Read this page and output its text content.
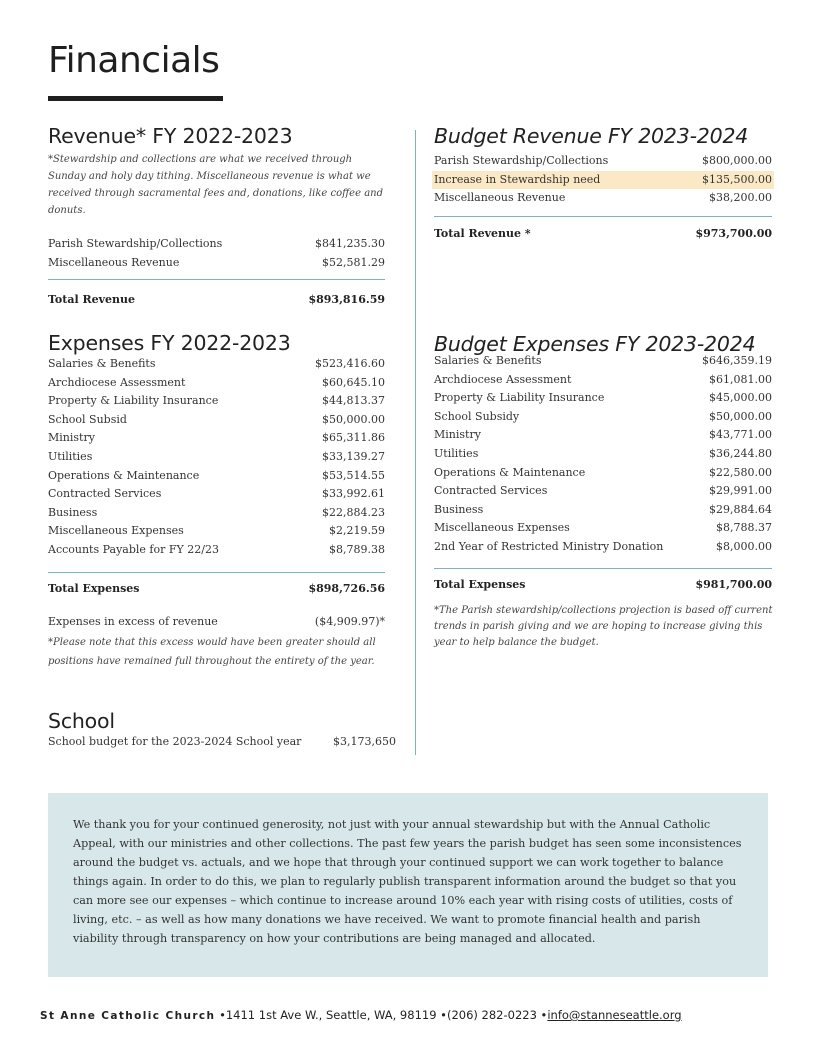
Financials
Revenue* FY 2022-2023
*Stewardship and collections are what we received through Sunday and holy day tithing. Miscellaneous revenue is what we received through sacramental fees and, donations, like coffee and donuts.
Parish Stewardship/Collections	$841,235.30
Miscellaneous Revenue	$52,581.29
Total Revenue	$893,816.59
Budget Revenue FY 2023-2024
Parish Stewardship/Collections	$800,000.00
Increase in Stewardship need	$135,500.00
Miscellaneous Revenue	$38,200.00
Total Revenue *	$973,700.00
Expenses FY 2022-2023
Salaries & Benefits	$523,416.60
Archdiocese Assessment	$60,645.10
Property & Liability Insurance	$44,813.37
School Subsid	$50,000.00
Ministry	$65,311.86
Utilities	$33,139.27
Operations & Maintenance	$53,514.55
Contracted Services	$33,992.61
Business	$22,884.23
Miscellaneous Expenses	$2,219.59
Accounts Payable for FY 22/23	$8,789.38
Total Expenses	$898,726.56
Expenses in excess of revenue	($4,909.97)*
*Please note that this excess would have been greater should all positions have remained full throughout the entirety of the year.
Budget Expenses FY 2023-2024
Salaries & Benefits	$646,359.19
Archdiocese Assessment	$61,081.00
Property & Liability Insurance	$45,000.00
School Subsidy	$50,000.00
Ministry	$43,771.00
Utilities	$36,244.80
Operations & Maintenance	$22,580.00
Contracted Services	$29,991.00
Business	$29,884.64
Miscellaneous Expenses	$8,788.37
2nd Year of Restricted Ministry Donation	$8,000.00
Total Expenses	$981,700.00
*The Parish stewardship/collections projection is based off current trends in parish giving and we are hoping to increase giving this year to help balance the budget.
School
School budget for the 2023-2024 School year	$3,173,650

We thank you for your continued generosity, not just with your annual stewardship but with the Annual Catholic Appeal, with our ministries and other collections. The past few years the parish budget has seen some inconsistences around the budget vs. actuals, and we hope that through your continued support we can work together to balance things again. In order to do this, we plan to regularly publish transparent information around the budget so that you can more see our expenses – which continue to increase around 10% each year with rising costs of utilities, costs of living, etc. – as well as how many donations we have received. We want to promote financial health and parish viability through transparency on how your contributions are being managed and allocated.

St Anne Catholic Church •1411 1st Ave W., Seattle, WA, 98119 •(206) 282-0223 •info@stanneseattle.org
